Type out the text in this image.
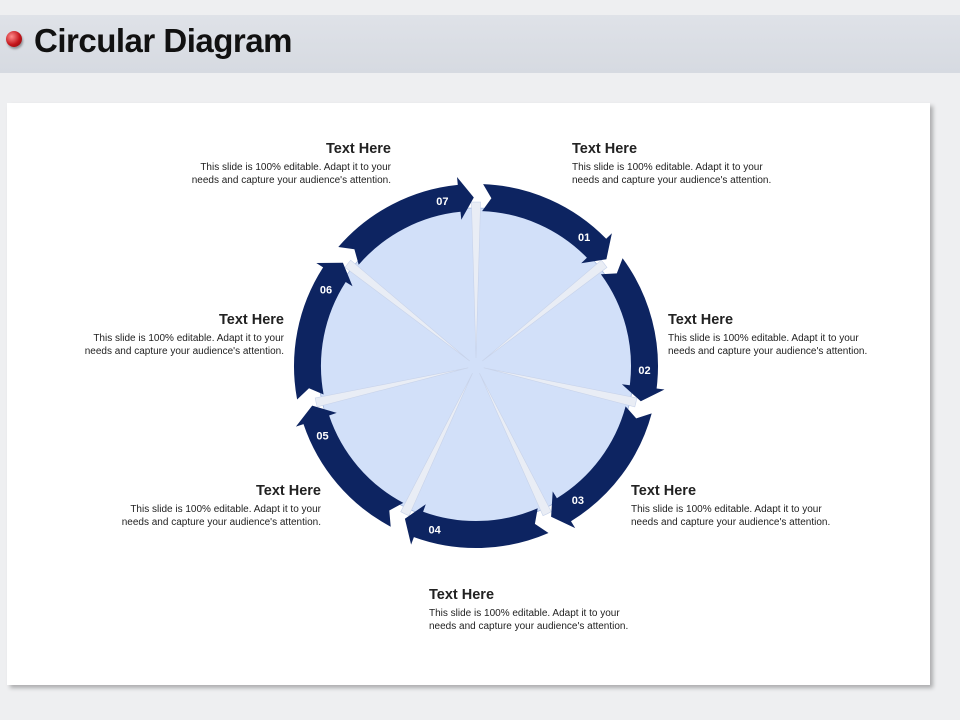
Circular Diagram
01
02
03
04
05
06
07
Text Here

This slide is 100% editable. Adapt it to your needs and capture your audience's attention.

Text Here

This slide is 100% editable. Adapt it to your needs and capture your audience's attention.

Text Here

This slide is 100% editable. Adapt it to your needs and capture your audience's attention.

Text Here

This slide is 100% editable. Adapt it to your needs and capture your audience's attention.

Text Here

This slide is 100% editable. Adapt it to your needs and capture your audience's attention.

Text Here

This slide is 100% editable. Adapt it to your needs and capture your audience's attention.

Text Here

This slide is 100% editable. Adapt it to your needs and capture your audience's attention.
